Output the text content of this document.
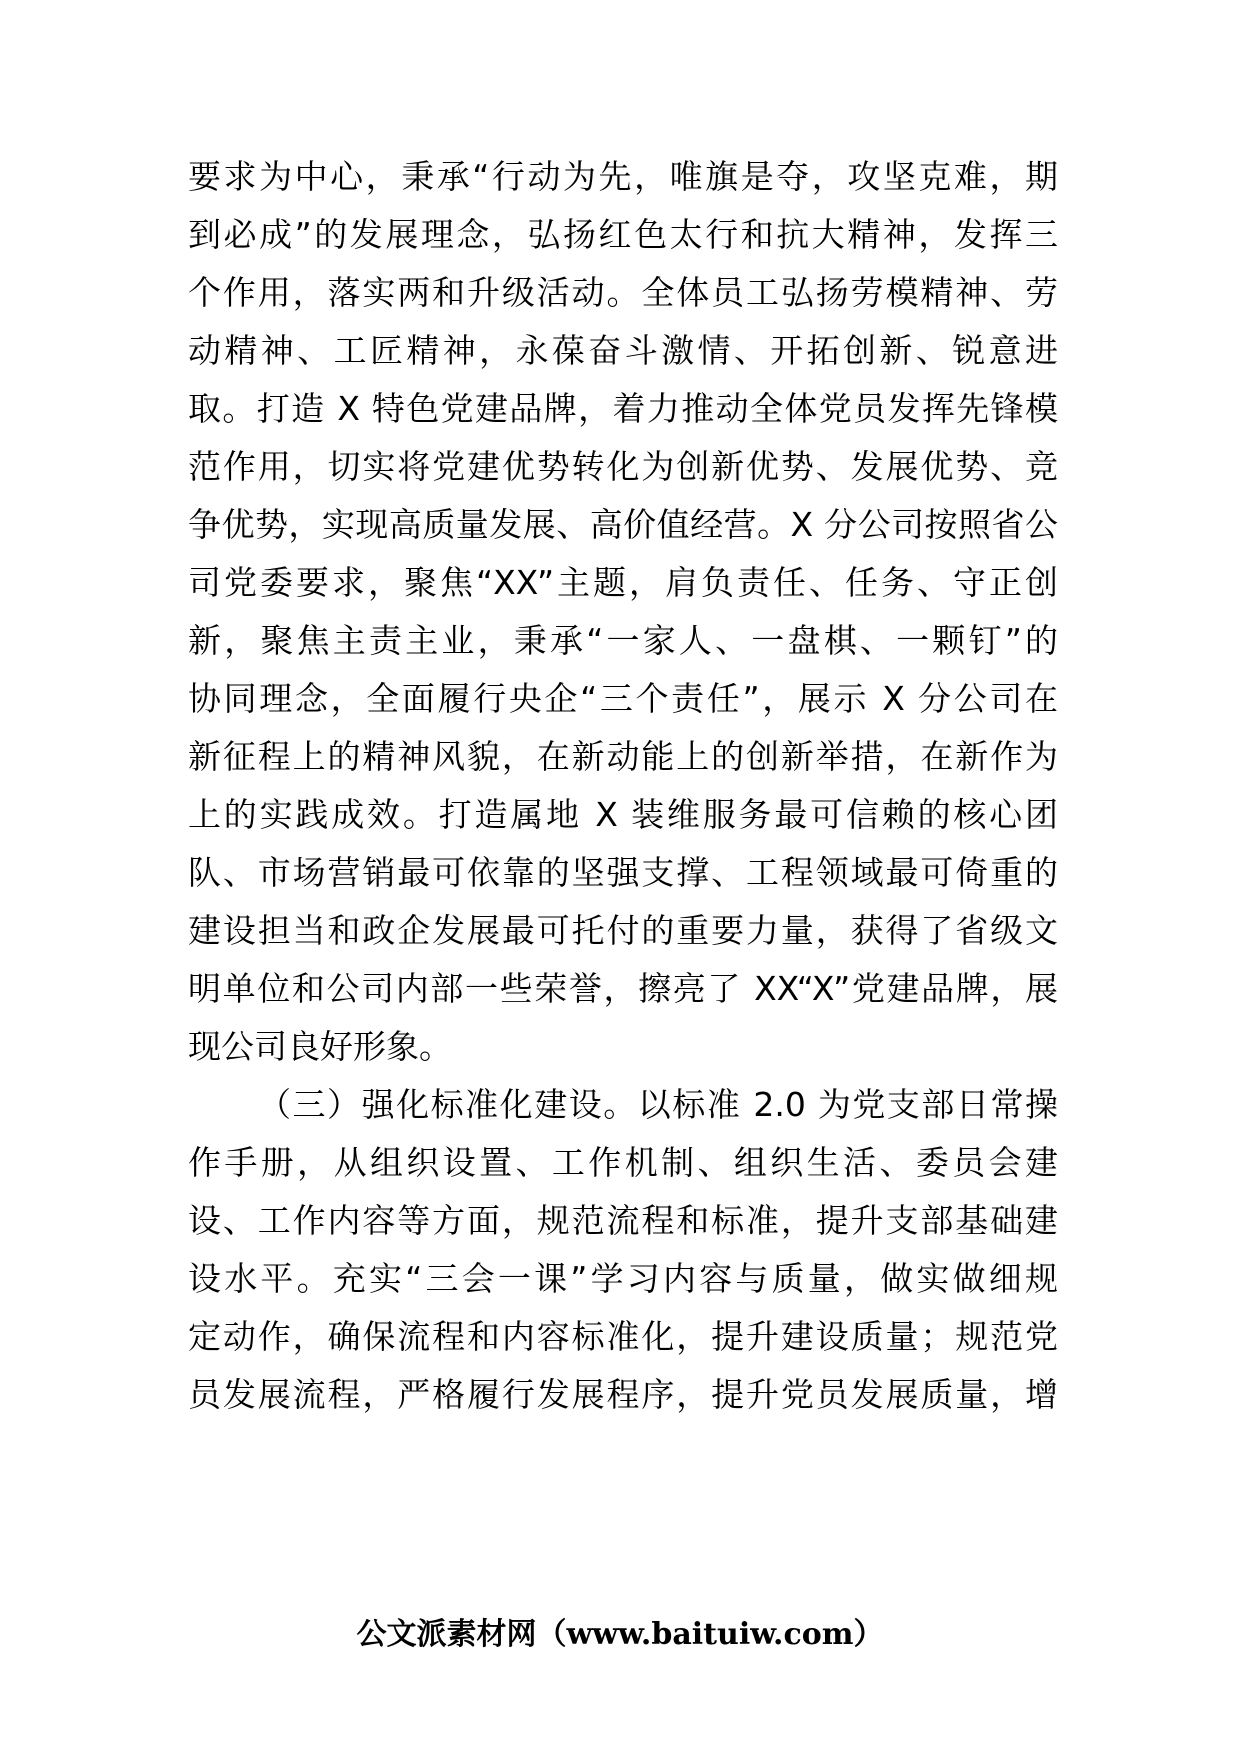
要求为中心，秉承“行动为先，唯旗是夺，攻坚克难，期
到必成”的发展理念，弘扬红色太行和抗大精神，发挥三
个作用，落实两和升级活动。全体员工弘扬劳模精神、劳
动精神、工匠精神，永葆奋斗激情、开拓创新、锐意进
取。打造 X 特色党建品牌，着力推动全体党员发挥先锋模
范作用，切实将党建优势转化为创新优势、发展优势、竞
争优势，实现高质量发展、高价值经营。X 分公司按照省公
司党委要求，聚焦“XX”主题，肩负责任、任务、守正创
新，聚焦主责主业，秉承“一家人、一盘棋、一颗钉”的
协同理念，全面履行央企“三个责任”，展示 X 分公司在
新征程上的精神风貌，在新动能上的创新举措，在新作为
上的实践成效。打造属地 X 装维服务最可信赖的核心团
队、市场营销最可依靠的坚强支撑、工程领域最可倚重的
建设担当和政企发展最可托付的重要力量，获得了省级文
明单位和公司内部一些荣誉，擦亮了 XX“X”党建品牌，展
现公司良好形象。
（三）强化标准化建设。以标准 2.0 为党支部日常操
作手册，从组织设置、工作机制、组织生活、委员会建
设、工作内容等方面，规范流程和标准，提升支部基础建
设水平。充实“三会一课”学习内容与质量，做实做细规
定动作，确保流程和内容标准化，提升建设质量；规范党
员发展流程，严格履行发展程序，提升党员发展质量，增
公文派素材网（www.baituiw.com）
